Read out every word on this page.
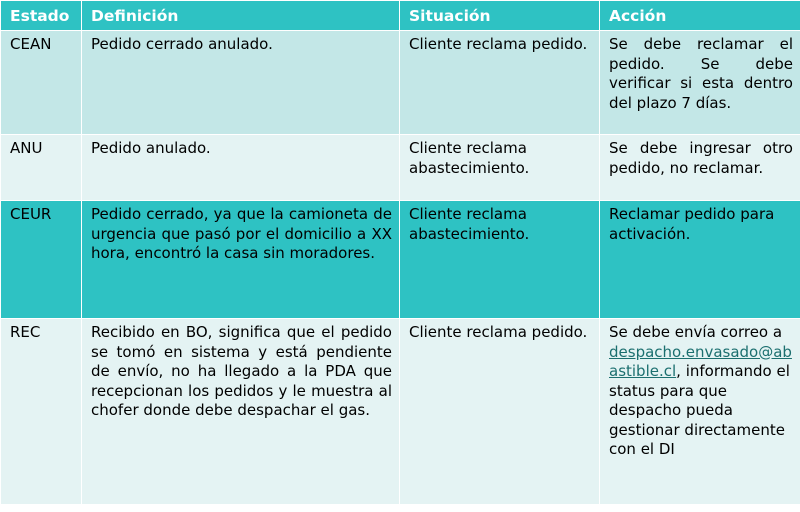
Estado	Definición	Situación	Acción
CEAN	Pedido cerrado anulado.	Cliente reclama pedido.	Se debe reclamar el pedido. Se debe verificar si esta dentro del plazo 7 días.
ANU	Pedido anulado.	Cliente reclama abastecimiento.	Se debe ingresar otro pedido, no reclamar.
CEUR	Pedido cerrado, ya que la camioneta de urgencia que pasó por el domicilio a XX hora, encontró la casa sin moradores.	Cliente reclama abastecimiento.	Reclamar pedido para activación.
REC	Recibido en BO, significa que el pedido se tomó en sistema y está pendiente de envío, no ha llegado a la PDA que recepcionan los pedidos y le muestra al chofer donde debe despachar el gas.	Cliente reclama pedido.	Se debe envía correo a
despacho.envasado@abastible.cl, informando el status para que despacho pueda gestionar directamente con el DI
